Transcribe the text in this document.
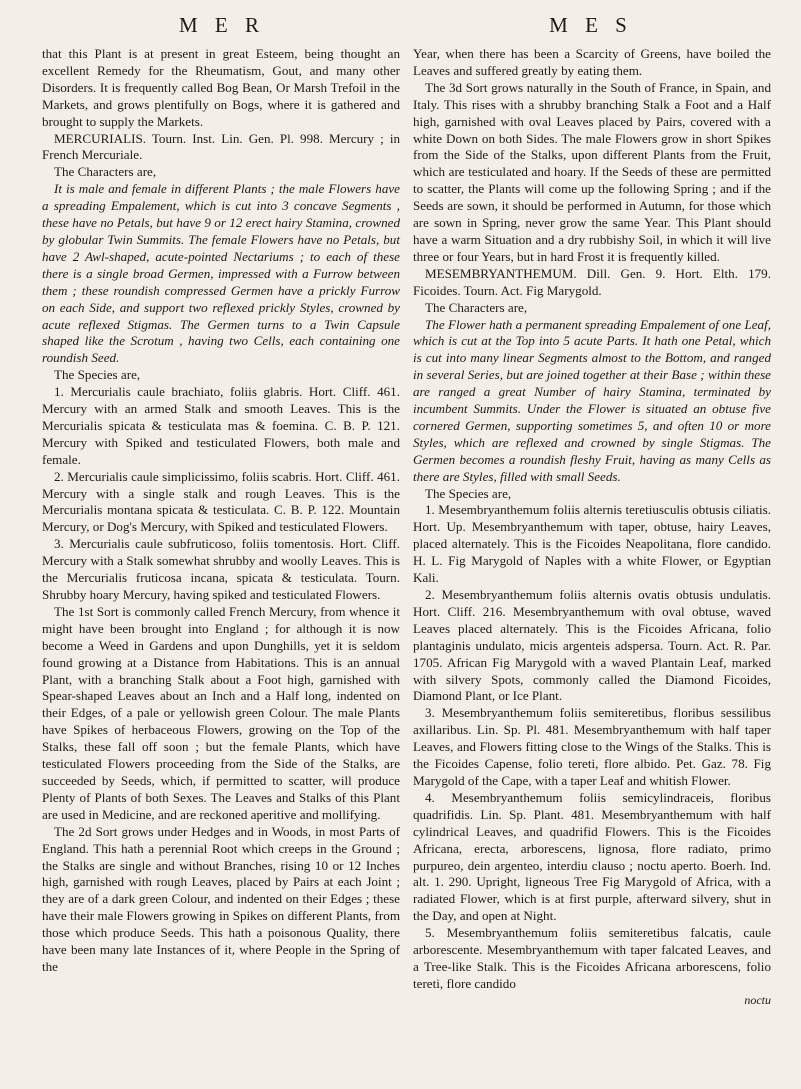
M E R	M E S

that this Plant is at present in great Esteem, being thought an excellent Remedy for the Rheumatism, Gout, and many other Disorders. It is frequently called Bog Bean, Or Marsh Trefoil in the Markets, and grows plentifully on Bogs, where it is gathered and brought to supply the Markets.

MERCURIALIS. Tourn. Inst. Lin. Gen. Pl. 998. Mercury ; in French Mercuriale.

The Characters are,

It is male and female in different Plants ; the male Flowers have a spreading Empalement, which is cut into 3 concave Segments , these have no Petals, but have 9 or 12 erect hairy Stamina, crowned by globular Twin Summits. The female Flowers have no Petals, but have 2 Awl-shaped, acute-pointed Nectariums ; to each of these there is a single broad Germen, impressed with a Furrow between them ; these roundish compressed Germen have a prickly Furrow on each Side, and support two reflexed prickly Styles, crowned by acute reflexed Stigmas. The Germen turns to a Twin Capsule shaped like the Scrotum , having two Cells, each containing one roundish Seed.

The Species are,

1. Mercurialis caule brachiato, foliis glabris. Hort. Cliff. 461. Mercury with an armed Stalk and smooth Leaves. This is the Mercurialis spicata & testiculata mas & foemina. C. B. P. 121. Mercury with Spiked and testiculated Flowers, both male and female.

2. Mercurialis caule simplicissimo, foliis scabris. Hort. Cliff. 461. Mercury with a single stalk and rough Leaves. This is the Mercurialis montana spicata & testiculata. C. B. P. 122. Mountain Mercury, or Dog's Mercury, with Spiked and testiculated Flowers.

3. Mercurialis caule subfruticoso, foliis tomentosis. Hort. Cliff. Mercury with a Stalk somewhat shrubby and woolly Leaves. This is the Mercurialis fruticosa incana, spicata & testiculata. Tourn. Shrubby hoary Mercury, having spiked and testiculated Flowers.

The 1st Sort is commonly called French Mercury, from whence it might have been brought into England ; for although it is now become a Weed in Gardens and upon Dunghills, yet it is seldom found growing at a Distance from Habitations. This is an annual Plant, with a branching Stalk about a Foot high, garnished with Spear-shaped Leaves about an Inch and a Half long, indented on their Edges, of a pale or yellowish green Colour. The male Plants have Spikes of herbaceous Flowers, growing on the Top of the Stalks, these fall off soon ; but the female Plants, which have testiculated Flowers proceeding from the Side of the Stalks, are succeeded by Seeds, which, if permitted to scatter, will produce Plenty of Plants of both Sexes. The Leaves and Stalks of this Plant are used in Medicine, and are reckoned aperitive and mollifying.

The 2d Sort grows under Hedges and in Woods, in most Parts of England. This hath a perennial Root which creeps in the Ground ; the Stalks are single and without Branches, rising 10 or 12 Inches high, garnished with rough Leaves, placed by Pairs at each Joint ; they are of a dark green Colour, and indented on their Edges ; these have their male Flowers growing in Spikes on different Plants, from those which produce Seeds. This hath a poisonous Quality, there have been many late Instances of it, where People in the Spring of the

Year, when there has been a Scarcity of Greens, have boiled the Leaves and suffered greatly by eating them.

The 3d Sort grows naturally in the South of France, in Spain, and Italy. This rises with a shrubby branching Stalk a Foot and a Half high, garnished with oval Leaves placed by Pairs, covered with a white Down on both Sides. The male Flowers grow in short Spikes from the Side of the Stalks, upon different Plants from the Fruit, which are testiculated and hoary. If the Seeds of these are permitted to scatter, the Plants will come up the following Spring ; and if the Seeds are sown, it should be performed in Autumn, for those which are sown in Spring, never grow the same Year. This Plant should have a warm Situation and a dry rubbishy Soil, in which it will live three or four Years, but in hard Frost it is frequently killed.

MESEMBRYANTHEMUM. Dill. Gen. 9. Hort. Elth. 179. Ficoides. Tourn. Act. Fig Marygold.

The Characters are,

The Flower hath a permanent spreading Empalement of one Leaf, which is cut at the Top into 5 acute Parts. It hath one Petal, which is cut into many linear Segments almost to the Bottom, and ranged in several Series, but are joined together at their Base ; within these are ranged a great Number of hairy Stamina, terminated by incumbent Summits. Under the Flower is situated an obtuse five cornered Germen, supporting sometimes 5, and often 10 or more Styles, which are reflexed and crowned by single Stigmas. The Germen becomes a roundish fleshy Fruit, having as many Cells as there are Styles, filled with small Seeds.

The Species are,

1. Mesembryanthemum foliis alternis teretiusculis obtusis ciliatis. Hort. Up. Mesembryanthemum with taper, obtuse, hairy Leaves, placed alternately. This is the Ficoides Neapolitana, flore candido. H. L. Fig Marygold of Naples with a white Flower, or Egyptian Kali.

2. Mesembryanthemum foliis alternis ovatis obtusis undulatis. Hort. Cliff. 216. Mesembryanthemum with oval obtuse, waved Leaves placed alternately. This is the Ficoides Africana, folio plantaginis undulato, micis argenteis adspersa. Tourn. Act. R. Par. 1705. African Fig Marygold with a waved Plantain Leaf, marked with silvery Spots, commonly called the Diamond Ficoides, Diamond Plant, or Ice Plant.

3. Mesembryanthemum foliis semiteretibus, floribus sessilibus axillaribus. Lin. Sp. Pl. 481. Mesembryanthemum with half taper Leaves, and Flowers fitting close to the Wings of the Stalks. This is the Ficoides Capense, folio tereti, flore albido. Pet. Gaz. 78. Fig Marygold of the Cape, with a taper Leaf and whitish Flower.

4. Mesembryanthemum foliis semicylindraceis, floribus quadrifidis. Lin. Sp. Plant. 481. Mesembryanthemum with half cylindrical Leaves, and quadrifid Flowers. This is the Ficoides Africana, erecta, arborescens, lignosa, flore radiato, primo purpureo, dein argenteo, interdiu clauso ; noctu aperto. Boerh. Ind. alt. 1. 290. Upright, ligneous Tree Fig Marygold of Africa, with a radiated Flower, which is at first purple, afterward silvery, shut in the Day, and open at Night.

5. Mesembryanthemum foliis semiteretibus falcatis, caule arborescente. Mesembryanthemum with taper falcated Leaves, and a Tree-like Stalk. This is the Ficoides Africana arborescens, folio tereti, flore candido

noctu
